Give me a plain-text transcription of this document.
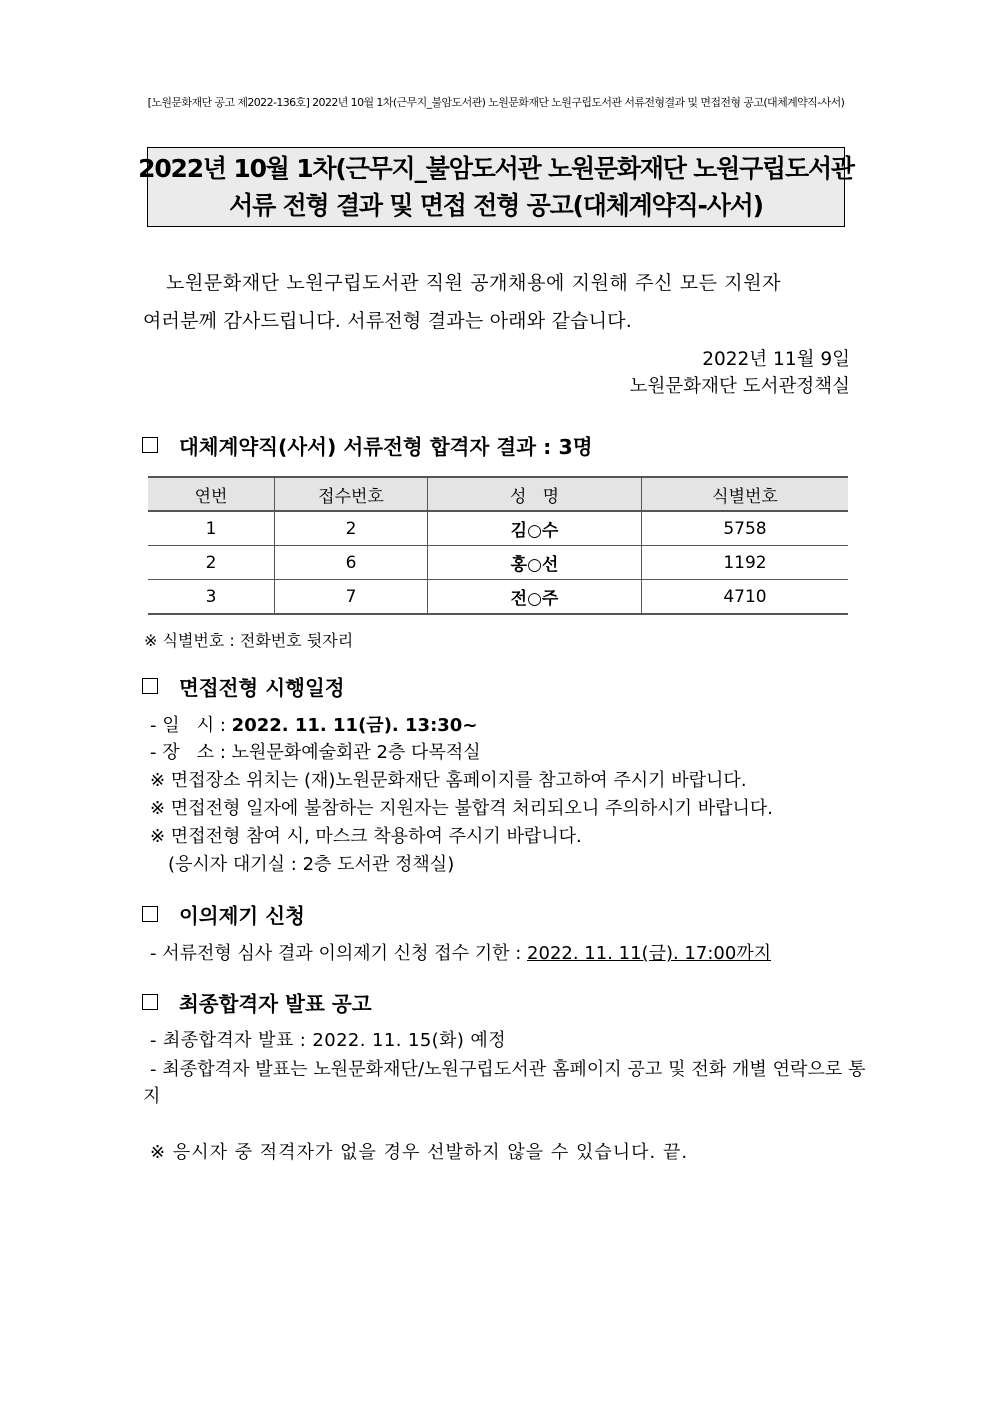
[노원문화재단 공고 제2022-136호] 2022년 10월 1차(근무지_불암도서관) 노원문화재단 노원구립도서관 서류전형결과 및 면접전형 공고(대체계약직-사서)
2022년 10월 1차(근무지_불암도서관 노원문화재단 노원구립도서관
서류 전형 결과 및 면접 전형 공고(대체계약직-사서)
노원문화재단 노원구립도서관 직원 공개채용에 지원해 주신 모든 지원자
여러분께 감사드립니다. 서류전형 결과는 아래와 같습니다.
2022년 11월 9일
노원문화재단 도서관정책실
대체계약직(사서) 서류전형 합격자 결과 : 3명
연번	접수번호	성   명	식별번호
1	2	김○수	5758
2	6	홍○선	1192
3	7	전○주	4710
※ 식별번호 : 전화번호 뒷자리
면접전형 시행일정
- 일   시 : 2022. 11. 11(금). 13:30~
- 장   소 : 노원문화예술회관 2층 다목적실
※ 면접장소 위치는 (재)노원문화재단 홈페이지를 참고하여 주시기 바랍니다.
※ 면접전형 일자에 불참하는 지원자는 불합격 처리되오니 주의하시기 바랍니다.
※ 면접전형 참여 시, 마스크 착용하여 주시기 바랍니다.
(응시자 대기실 : 2층 도서관 정책실)
이의제기 신청
- 서류전형 심사 결과 이의제기 신청 접수 기한 : 2022. 11. 11(금). 17:00까지
최종합격자 발표 공고
- 최종합격자 발표 : 2022. 11. 15(화) 예정
- 최종합격자 발표는 노원문화재단/노원구립도서관 홈페이지 공고 및 전화 개별 연락으로 통
지
※ 응시자 중 적격자가 없을 경우 선발하지 않을 수 있습니다. 끝.
